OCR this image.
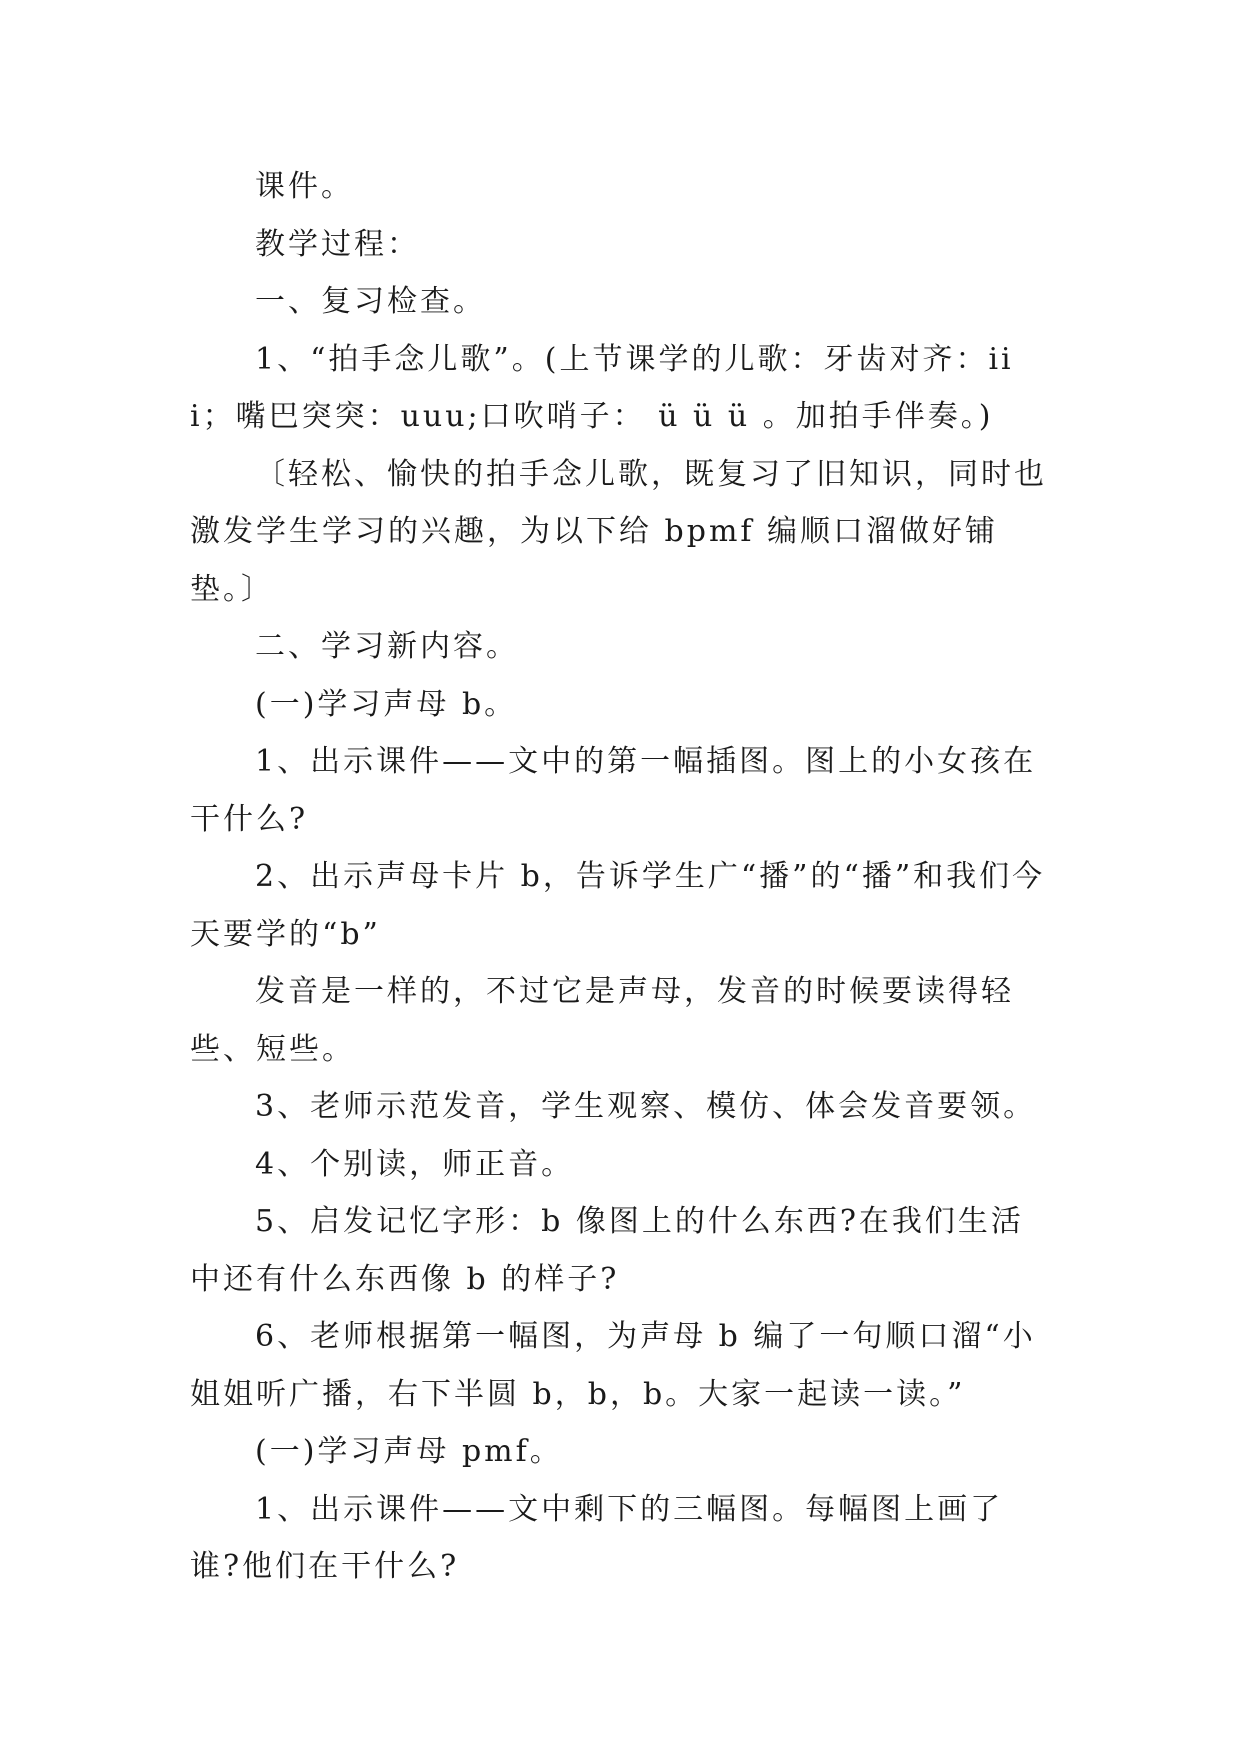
课件。

教学过程：

一、复习检查。

1、“拍手念儿歌”。(上节课学的儿歌：牙齿对齐：iii；嘴巴突突：uuu;口吹哨子： ü ü ü 。加拍手伴奏。)

〔轻松、愉快的拍手念儿歌，既复习了旧知识，同时也激发学生学习的兴趣，为以下给 bpmf 编顺口溜做好铺垫。〕

二、学习新内容。

(一)学习声母 b。

1、出示课件——文中的第一幅插图。图上的小女孩在干什么?

2、出示声母卡片 b，告诉学生广“播”的“播”和我们今天要学的“b”

发音是一样的，不过它是声母，发音的时候要读得轻些、短些。

3、老师示范发音，学生观察、模仿、体会发音要领。

4、个别读，师正音。

5、启发记忆字形：b 像图上的什么东西?在我们生活中还有什么东西像 b 的样子?

6、老师根据第一幅图，为声母 b 编了一句顺口溜“小姐姐听广播，右下半圆 b，b，b。大家一起读一读。”

(一)学习声母 pmf。

1、出示课件——文中剩下的三幅图。每幅图上画了谁?他们在干什么?
